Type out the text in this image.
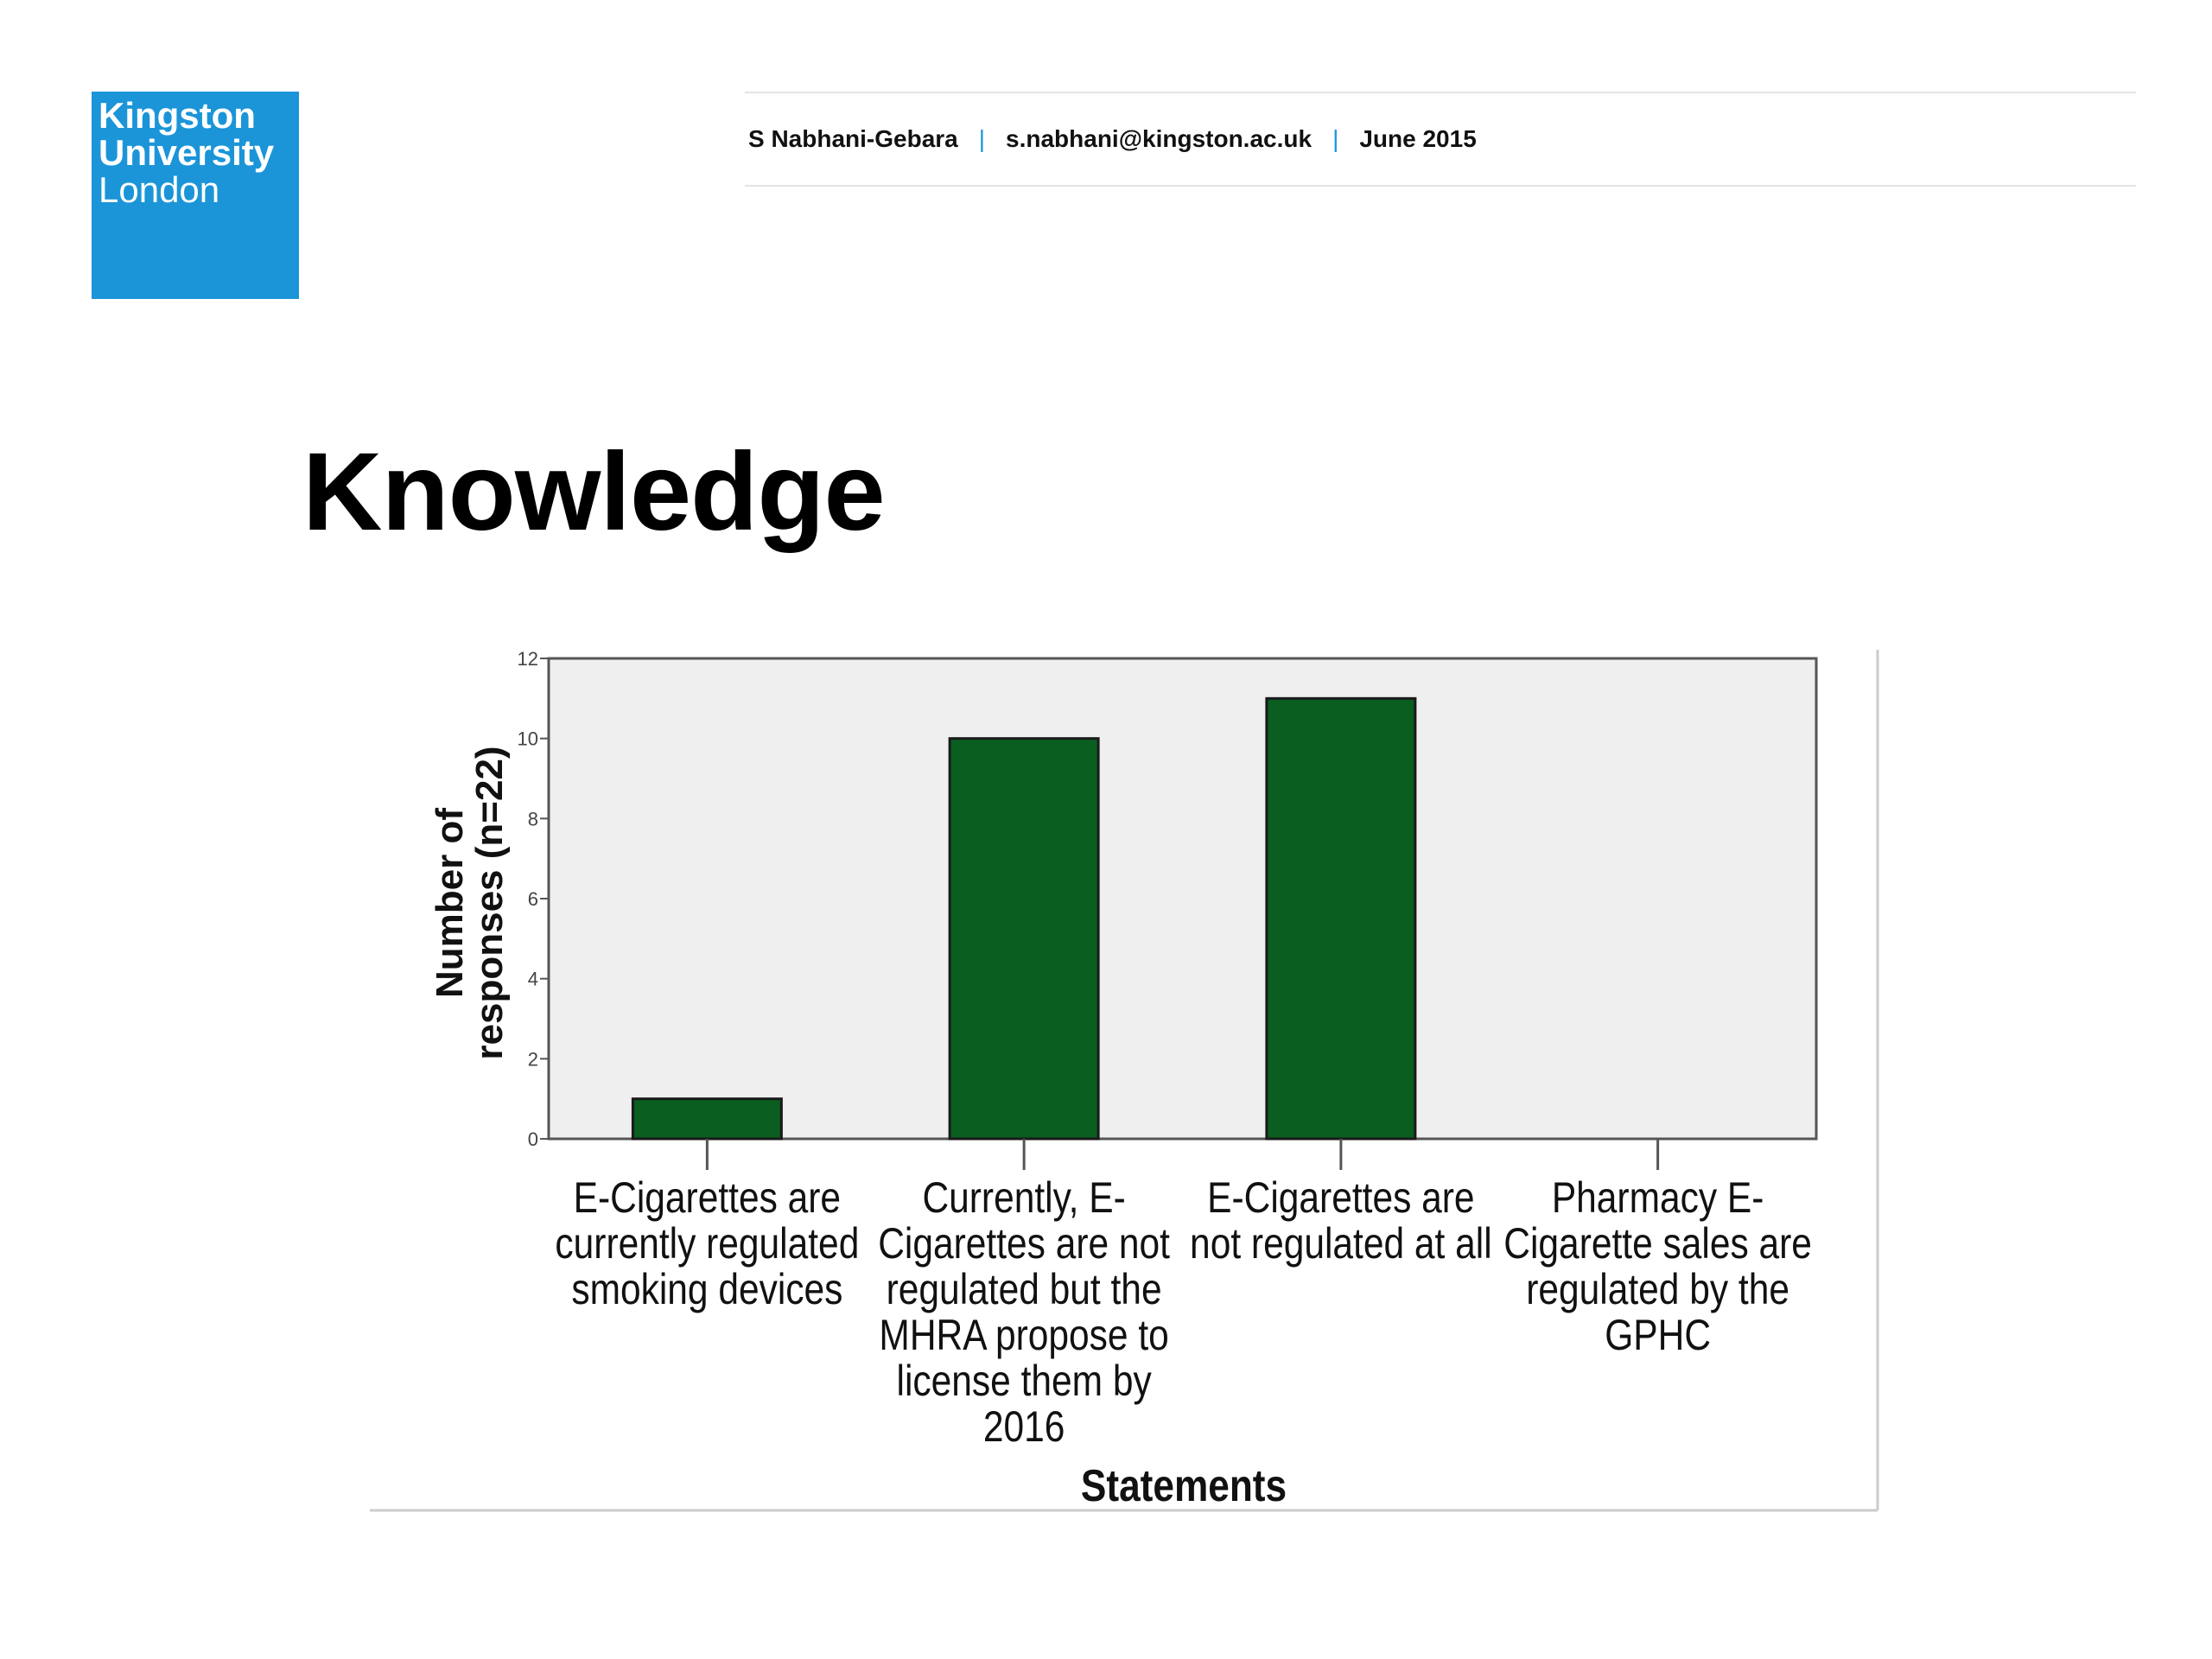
Kingston
University
London
S Nabhani-Gebara | s.nabhani@kingston.ac.uk | June 2015
Knowledge
0
2
4
6
8
10
12
E-Cigarettes are currently regulated smoking devices
Currently, E-Cigarettes are not regulated but the MHRA propose to license them by 2016
E-Cigarettes are not regulated at all
Pharmacy E-Cigarette sales are regulated by the GPHC
Statements
Number ofresponses (n=22)
